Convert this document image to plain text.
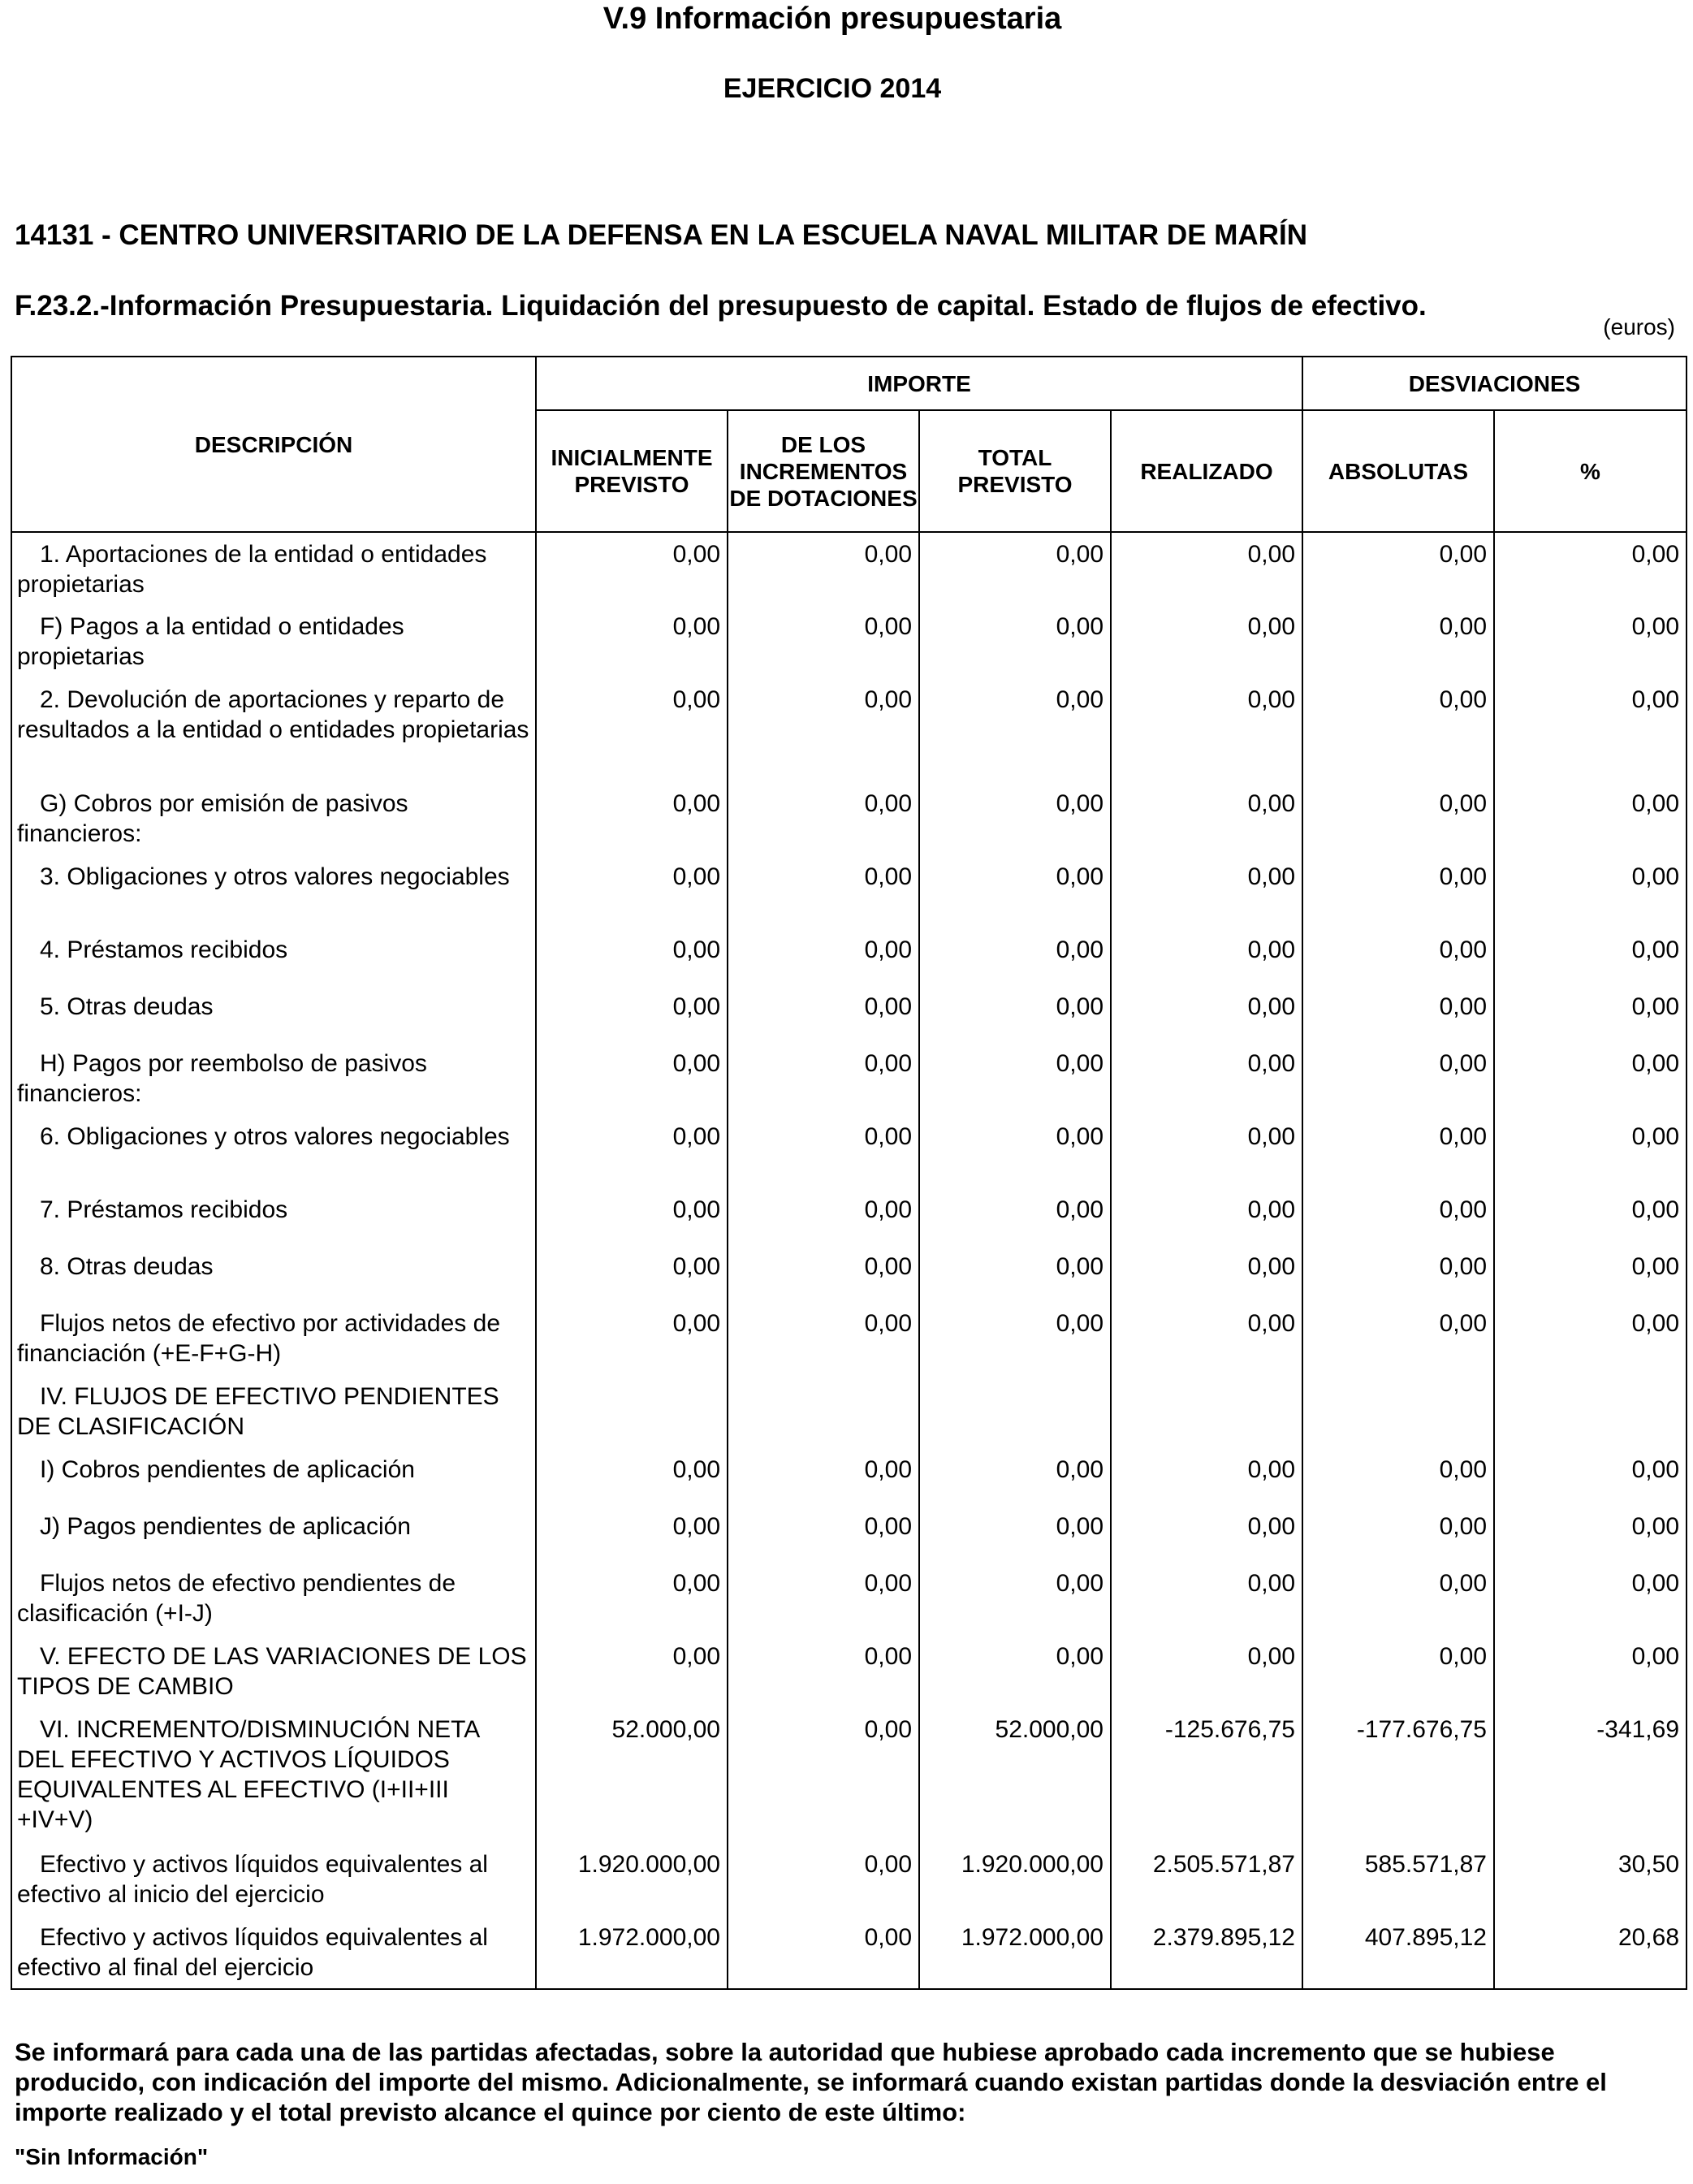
V.9 Información presupuestaria
EJERCICIO 2014
14131 - CENTRO UNIVERSITARIO DE LA DEFENSA EN LA ESCUELA NAVAL MILITAR DE MARÍN
F.23.2.-Información Presupuestaria. Liquidación del presupuesto de capital. Estado de flujos de efectivo.
(euros)
DESCRIPCIÓN	IMPORTE				DESVIACIONES	
	INICIALMENTE PREVISTO	DE LOS INCREMENTOS DE DOTACIONES	TOTAL PREVISTO	REALIZADO	ABSOLUTAS	%
1. Aportaciones de la entidad o entidades propietarias	0,00	0,00	0,00	0,00	0,00	0,00
F) Pagos a la entidad o entidades propietarias	0,00	0,00	0,00	0,00	0,00	0,00
2. Devolución de aportaciones y reparto de resultados a la entidad o entidades propietarias	0,00	0,00	0,00	0,00	0,00	0,00
G) Cobros por emisión de pasivos financieros:	0,00	0,00	0,00	0,00	0,00	0,00
3. Obligaciones y otros valores negociables	0,00	0,00	0,00	0,00	0,00	0,00
4. Préstamos recibidos	0,00	0,00	0,00	0,00	0,00	0,00
5. Otras deudas	0,00	0,00	0,00	0,00	0,00	0,00
H) Pagos por reembolso de pasivos financieros:	0,00	0,00	0,00	0,00	0,00	0,00
6. Obligaciones y otros valores negociables	0,00	0,00	0,00	0,00	0,00	0,00
7. Préstamos recibidos	0,00	0,00	0,00	0,00	0,00	0,00
8. Otras deudas	0,00	0,00	0,00	0,00	0,00	0,00
Flujos netos de efectivo por actividades de financiación (+E-F+G-H)	0,00	0,00	0,00	0,00	0,00	0,00
IV. FLUJOS DE EFECTIVO PENDIENTES DE CLASIFICACIÓN						
I) Cobros pendientes de aplicación	0,00	0,00	0,00	0,00	0,00	0,00
J) Pagos pendientes de aplicación	0,00	0,00	0,00	0,00	0,00	0,00
Flujos netos de efectivo pendientes de clasificación (+I-J)	0,00	0,00	0,00	0,00	0,00	0,00
V. EFECTO DE LAS VARIACIONES DE LOS TIPOS DE CAMBIO	0,00	0,00	0,00	0,00	0,00	0,00
VI. INCREMENTO/DISMINUCIÓN NETA DEL EFECTIVO Y ACTIVOS LÍQUIDOS EQUIVALENTES AL EFECTIVO (I+II+III +IV+V)	52.000,00	0,00	52.000,00	-125.676,75	-177.676,75	-341,69
Efectivo y activos líquidos equivalentes al efectivo al inicio del ejercicio	1.920.000,00	0,00	1.920.000,00	2.505.571,87	585.571,87	30,50
Efectivo y activos líquidos equivalentes al efectivo al final del ejercicio	1.972.000,00	0,00	1.972.000,00	2.379.895,12	407.895,12	20,68
Se informará para cada una de las partidas afectadas, sobre la autoridad que hubiese aprobado cada incremento que se hubiese producido, con indicación del importe del mismo. Adicionalmente, se informará cuando existan partidas donde la desviación entre el importe realizado y el total previsto alcance el quince por ciento de este último:
"Sin Información"
